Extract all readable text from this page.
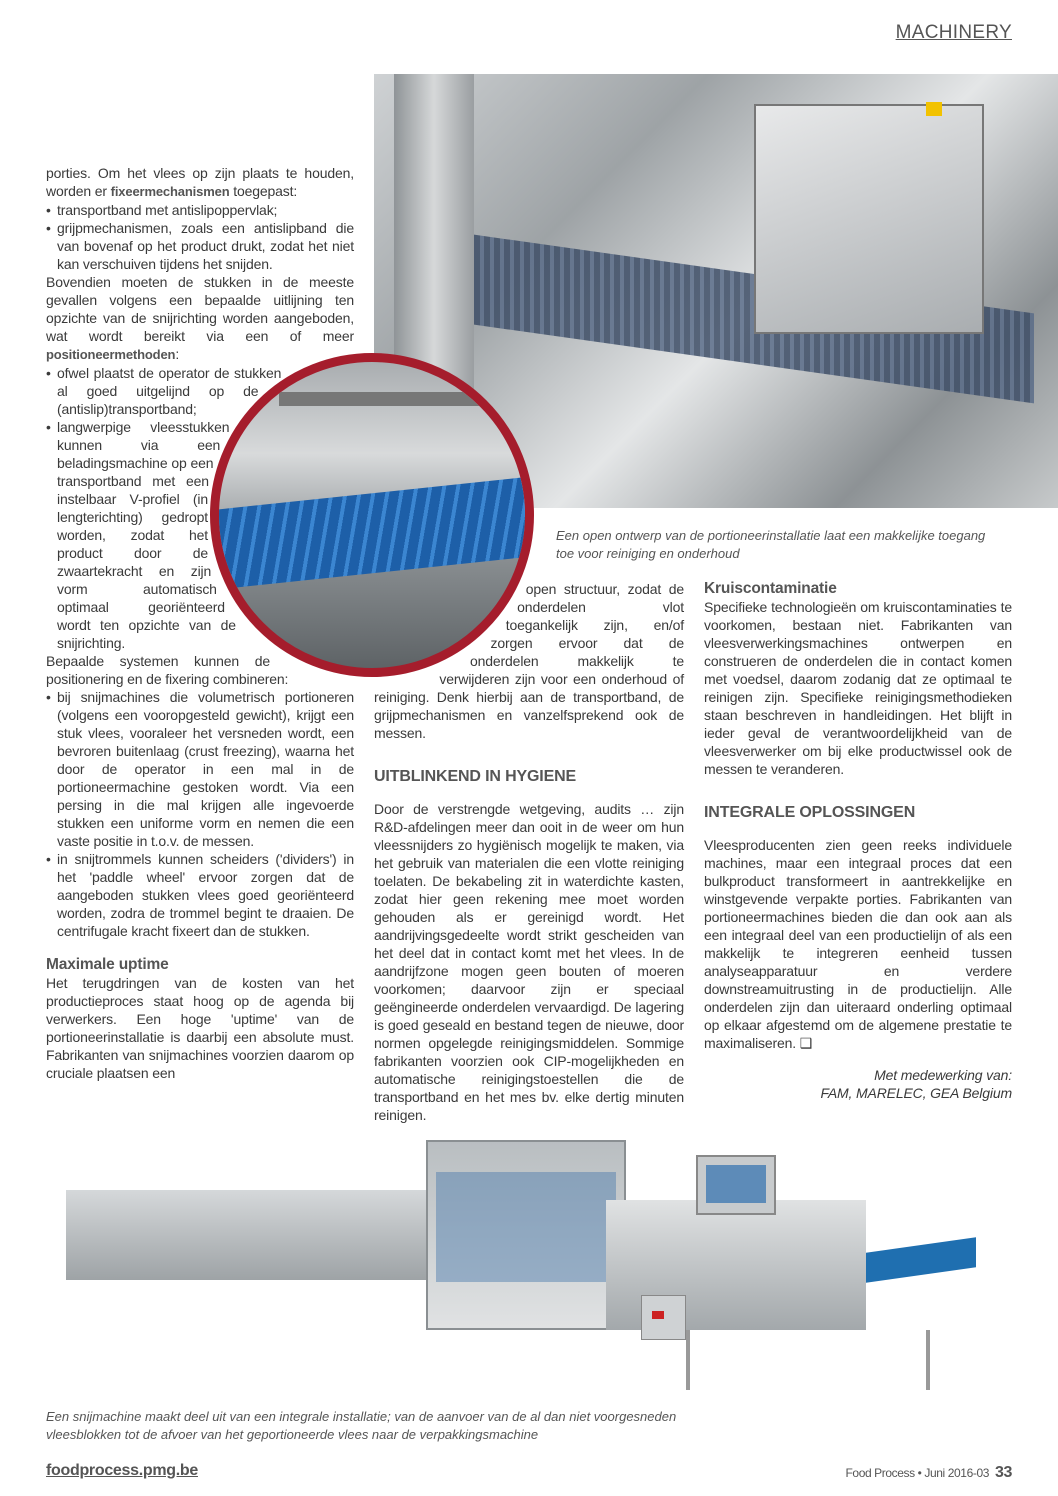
MACHINERY
Een open ontwerp van de portioneerinstallatie laat een makkelijke toegang toe voor reiniging en onderhoud

porties. Om het vlees op zijn plaats te houden, worden er fixeermechanismen toegepast:

• transportband met antislipoppervlak;
• grijpmechanismen, zoals een antislipband die van bovenaf op het product drukt, zodat het niet kan verschuiven tijdens het snijden.

Bovendien moeten de stukken in de meeste gevallen volgens een bepaalde uitlijning ten opzichte van de snijrichting worden aangeboden, wat wordt bereikt via een of meer positioneermethoden:

• ofwel plaatst de operator de stukken al goed uitgelijnd op de (antislip)transportband;
• langwerpige vleesstukken kunnen via een beladingsmachine op een transportband met een instelbaar V-profiel (in lengterichting) gedropt worden, zodat het product door de zwaartekracht en zijn vorm automatisch optimaal georiënteerd wordt ten opzichte van de snijrichting.

Bepaalde systemen kunnen de positionering en de fixering combineren:

• bij snijmachines die volumetrisch portioneren (volgens een vooropgesteld gewicht), krijgt een stuk vlees, vooraleer het versneden wordt, een bevroren buitenlaag (crust freezing), waarna het door de operator in een mal in de portioneermachine gestoken wordt. Via een persing in die mal krijgen alle ingevoerde stukken een uniforme vorm en nemen die een vaste positie in t.o.v. de messen.
• in snijtrommels kunnen scheiders ('dividers') in het 'paddle wheel' ervoor zorgen dat de aangeboden stukken vlees goed georiënteerd worden, zodra de trommel begint te draaien. De centrifugale kracht fixeert dan de stukken.
Maximale uptime

Het terugdringen van de kosten van het productieproces staat hoog op de agenda bij verwerkers. Een hoge 'uptime' van de portioneerinstallatie is daarbij een absolute must. Fabrikanten van snijmachines voorzien daarom op cruciale plaatsen een

open structuur, zodat de onderdelen vlot toegankelijk zijn, en/of zorgen ervoor dat de onderdelen makkelijk te verwijderen zijn voor een onderhoud of reiniging. Denk hierbij aan de transportband, de grijpmechanismen en vanzelfsprekend ook de messen.

UITBLINKEND IN HYGIENE

Door de verstrengde wetgeving, audits … zijn R&D-afdelingen meer dan ooit in de weer om hun vleessnijders zo hygiënisch mogelijk te maken, via het gebruik van materialen die een vlotte reiniging toelaten. De bekabeling zit in waterdichte kasten, zodat hier geen rekening mee moet worden gehouden als er gereinigd wordt. Het aandrijvingsgedeelte wordt strikt gescheiden van het deel dat in contact komt met het vlees. In de aandrijfzone mogen geen bouten of moeren voorkomen; daarvoor zijn er speciaal geëngineerde onderdelen vervaardigd. De lagering is goed geseald en bestand tegen de nieuwe, door normen opgelegde reinigingsmiddelen. Sommige fabrikanten voorzien ook CIP-mogelijkheden en automatische reinigingstoestellen die de transportband en het mes bv. elke dertig minuten reinigen.

Kruiscontaminatie

Specifieke technologieën om kruiscontaminaties te voorkomen, bestaan niet. Fabrikanten van vleesverwerkingsmachines ontwerpen en construeren de onderdelen die in contact komen met voedsel, daarom zodanig dat ze optimaal te reinigen zijn. Specifieke reinigingsmethodieken staan beschreven in handleidingen. Het blijft in ieder geval de verantwoordelijkheid van de vleesverwerker om bij elke productwissel ook de messen te veranderen.

INTEGRALE OPLOSSINGEN

Vleesproducenten zien geen reeks individuele machines, maar een integraal proces dat een bulkproduct transformeert in aantrekkelijke en winstgevende verpakte porties. Fabrikanten van portioneermachines bieden die dan ook aan als een integraal deel van een productielijn of als een makkelijk te integreren eenheid tussen analyseapparatuur en verdere downstreamuitrusting in de productielijn. Alle onderdelen zijn dan uiteraard onderling optimaal op elkaar afgestemd om de algemene prestatie te maximaliseren. ❑

Met medewerking van:
FAM, MARELEC, GEA Belgium
Een snijmachine maakt deel uit van een integrale installatie; van de aanvoer van de al dan niet voorgesneden vleesblokken tot de afvoer van het geportioneerde vlees naar de verpakkingsmachine
foodprocess.pmg.be	Food Process • Juni 2016-03 33
